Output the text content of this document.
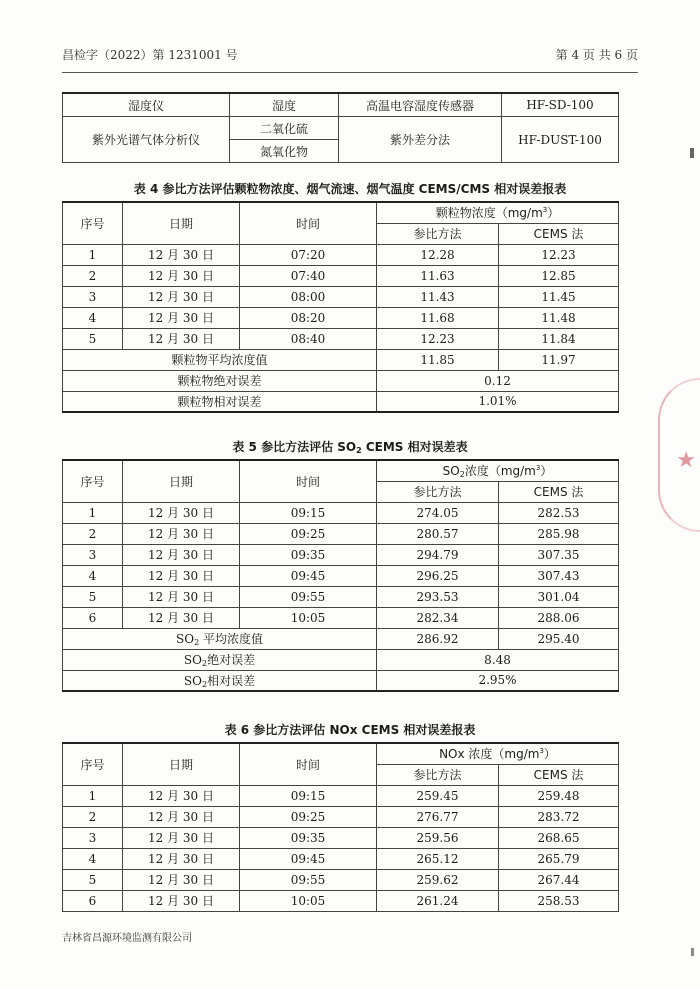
昌检字（2022）第 1231001 号	第 4 页 共 6 页
湿度仪	湿度	高温电容湿度传感器	HF-SD-100
紫外光谱气体分析仪	二氧化硫	紫外差分法	HF-DUST-100
	氮氧化物		
表 4 参比方法评估颗粒物浓度、烟气流速、烟气温度 CEMS/CMS 相对误差报表
序号	日期	时间	颗粒物浓度$(mg/m^3)$	
			参比方法	CEMS 法
1	12 月 30 日	07:20	12.28	12.23
2	12 月 30 日	07:40	11.63	12.85
3	12 月 30 日	08:00	11.43	11.45
4	12 月 30 日	08:20	11.68	11.48
5	12 月 30 日	08:40	12.23	11.84
颗粒物平均浓度值			11.85	11.97
颗粒物绝对误差			0.12	
颗粒物相对误差			1.01%	
表 5 参比方法评估 $SO_2$ CEMS 相对误差表
序号	日期	时间	$SO_2$浓度$(mg/m^3)$	
			参比方法	CEMS 法
1	12 月 30 日	09:15	274.05	282.53
2	12 月 30 日	09:25	280.57	285.98
3	12 月 30 日	09:35	294.79	307.35
4	12 月 30 日	09:45	296.25	307.43
5	12 月 30 日	09:55	293.53	301.04
6	12 月 30 日	10:05	282.34	288.06
$SO_2$ 平均浓度值			286.92	295.40
$SO_2$绝对误差			8.48	
$SO_2$相对误差			2.95%	
表 6 参比方法评估 NOx CEMS 相对误差报表
序号	日期	时间	NOx 浓度$(mg/m^3)$	
			参比方法	CEMS 法
1	12 月 30 日	09:15	259.45	259.48
2	12 月 30 日	09:25	276.77	283.72
3	12 月 30 日	09:35	259.56	268.65
4	12 月 30 日	09:45	265.12	265.79
5	12 月 30 日	09:55	259.62	267.44
6	12 月 30 日	10:05	261.24	258.53
吉林省昌源环境监测有限公司
★
